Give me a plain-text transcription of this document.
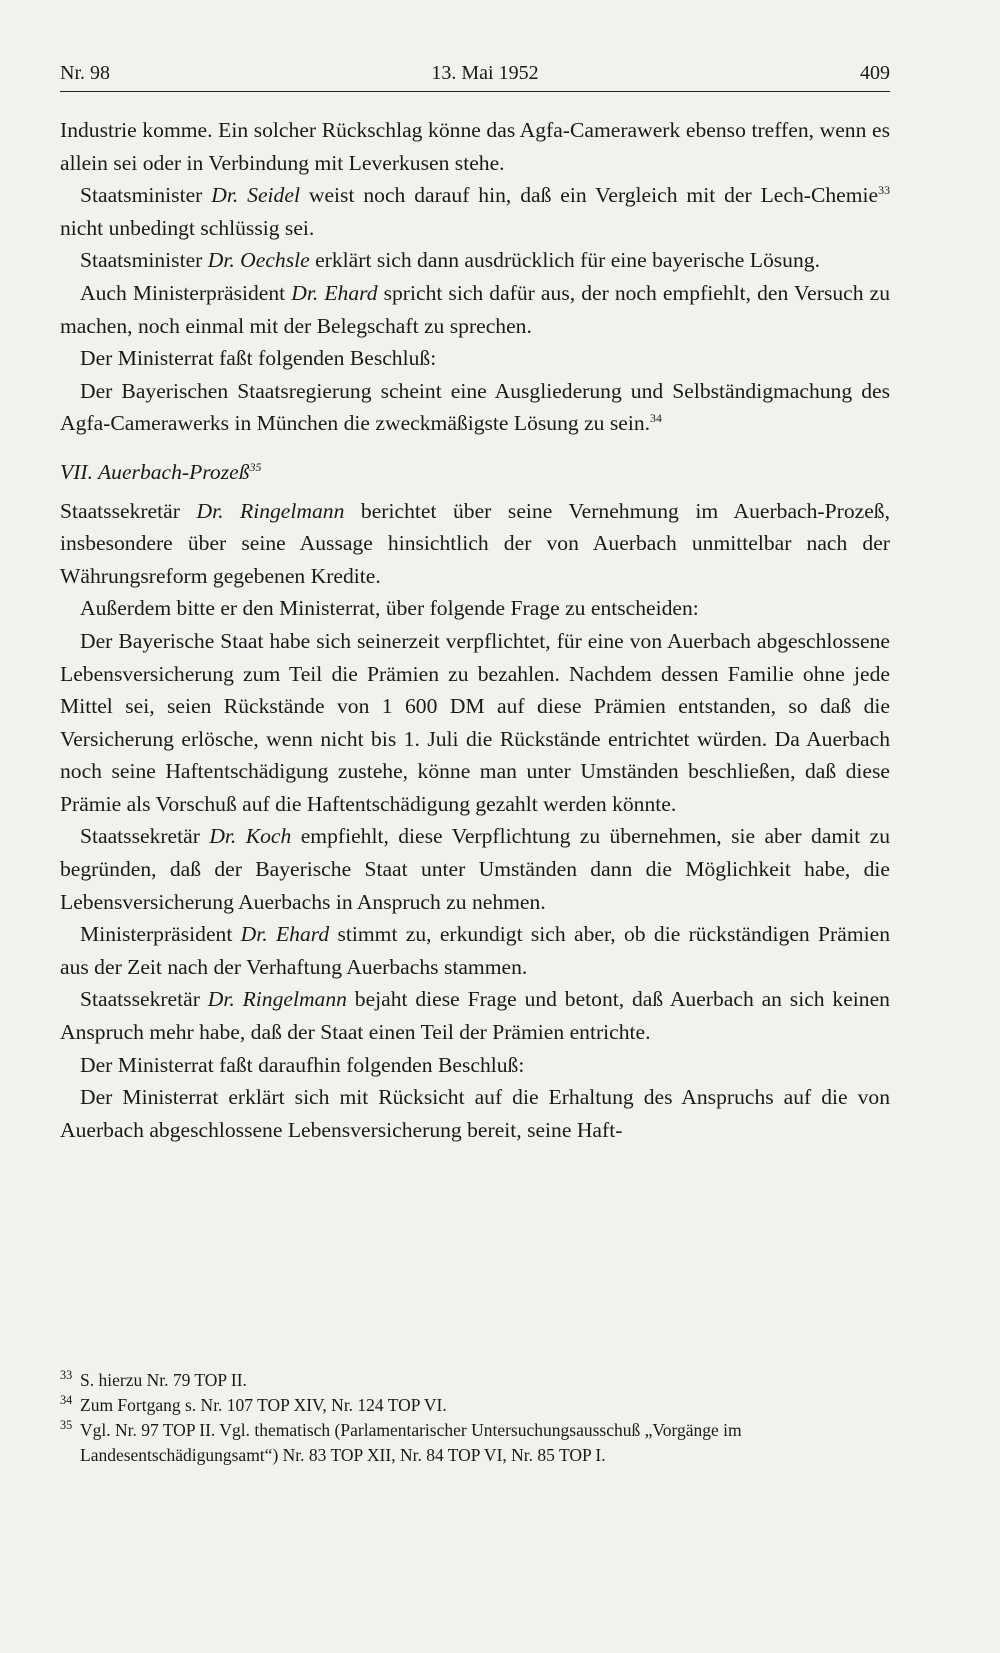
Nr. 98	13. Mai 1952	409

Industrie komme. Ein solcher Rückschlag könne das Agfa-Camerawerk ebenso treffen, wenn es allein sei oder in Verbindung mit Leverkusen stehe.

Staatsminister Dr. Seidel weist noch darauf hin, daß ein Vergleich mit der Lech-Chemie$^{33}$ nicht unbedingt schlüssig sei.

Staatsminister Dr. Oechsle erklärt sich dann ausdrücklich für eine bayerische Lösung.

Auch Ministerpräsident Dr. Ehard spricht sich dafür aus, der noch empfiehlt, den Versuch zu machen, noch einmal mit der Belegschaft zu sprechen.

Der Ministerrat faßt folgenden Beschluß:

Der Bayerischen Staatsregierung scheint eine Ausgliederung und Selbständigmachung des Agfa-Camerawerks in München die zweckmäßigste Lösung zu sein.$^{34}$

VII. Auerbach-Prozeß$^{35}$

Staatssekretär Dr. Ringelmann berichtet über seine Vernehmung im Auerbach-Prozeß, insbesondere über seine Aussage hinsichtlich der von Auerbach unmittelbar nach der Währungsreform gegebenen Kredite.

Außerdem bitte er den Ministerrat, über folgende Frage zu entscheiden:

Der Bayerische Staat habe sich seinerzeit verpflichtet, für eine von Auerbach abgeschlossene Lebensversicherung zum Teil die Prämien zu bezahlen. Nachdem dessen Familie ohne jede Mittel sei, seien Rückstände von 1 600 DM auf diese Prämien entstanden, so daß die Versicherung erlösche, wenn nicht bis 1. Juli die Rückstände entrichtet würden. Da Auerbach noch seine Haftentschädigung zustehe, könne man unter Umständen beschließen, daß diese Prämie als Vorschuß auf die Haftentschädigung gezahlt werden könnte.

Staatssekretär Dr. Koch empfiehlt, diese Verpflichtung zu übernehmen, sie aber damit zu begründen, daß der Bayerische Staat unter Umständen dann die Möglichkeit habe, die Lebensversicherung Auerbachs in Anspruch zu nehmen.

Ministerpräsident Dr. Ehard stimmt zu, erkundigt sich aber, ob die rückständigen Prämien aus der Zeit nach der Verhaftung Auerbachs stammen.

Staatssekretär Dr. Ringelmann bejaht diese Frage und betont, daß Auerbach an sich keinen Anspruch mehr habe, daß der Staat einen Teil der Prämien entrichte.

Der Ministerrat faßt daraufhin folgenden Beschluß:

Der Ministerrat erklärt sich mit Rücksicht auf die Erhaltung des Anspruchs auf die von Auerbach abgeschlossene Lebensversicherung bereit, seine Haft-

33 S. hierzu Nr. 79 TOP II.
34 Zum Fortgang s. Nr. 107 TOP XIV, Nr. 124 TOP VI.
35 Vgl. Nr. 97 TOP II. Vgl. thematisch (Parlamentarischer Untersuchungsausschuß „Vorgänge im Landesentschädigungsamt“) Nr. 83 TOP XII, Nr. 84 TOP VI, Nr. 85 TOP I.
